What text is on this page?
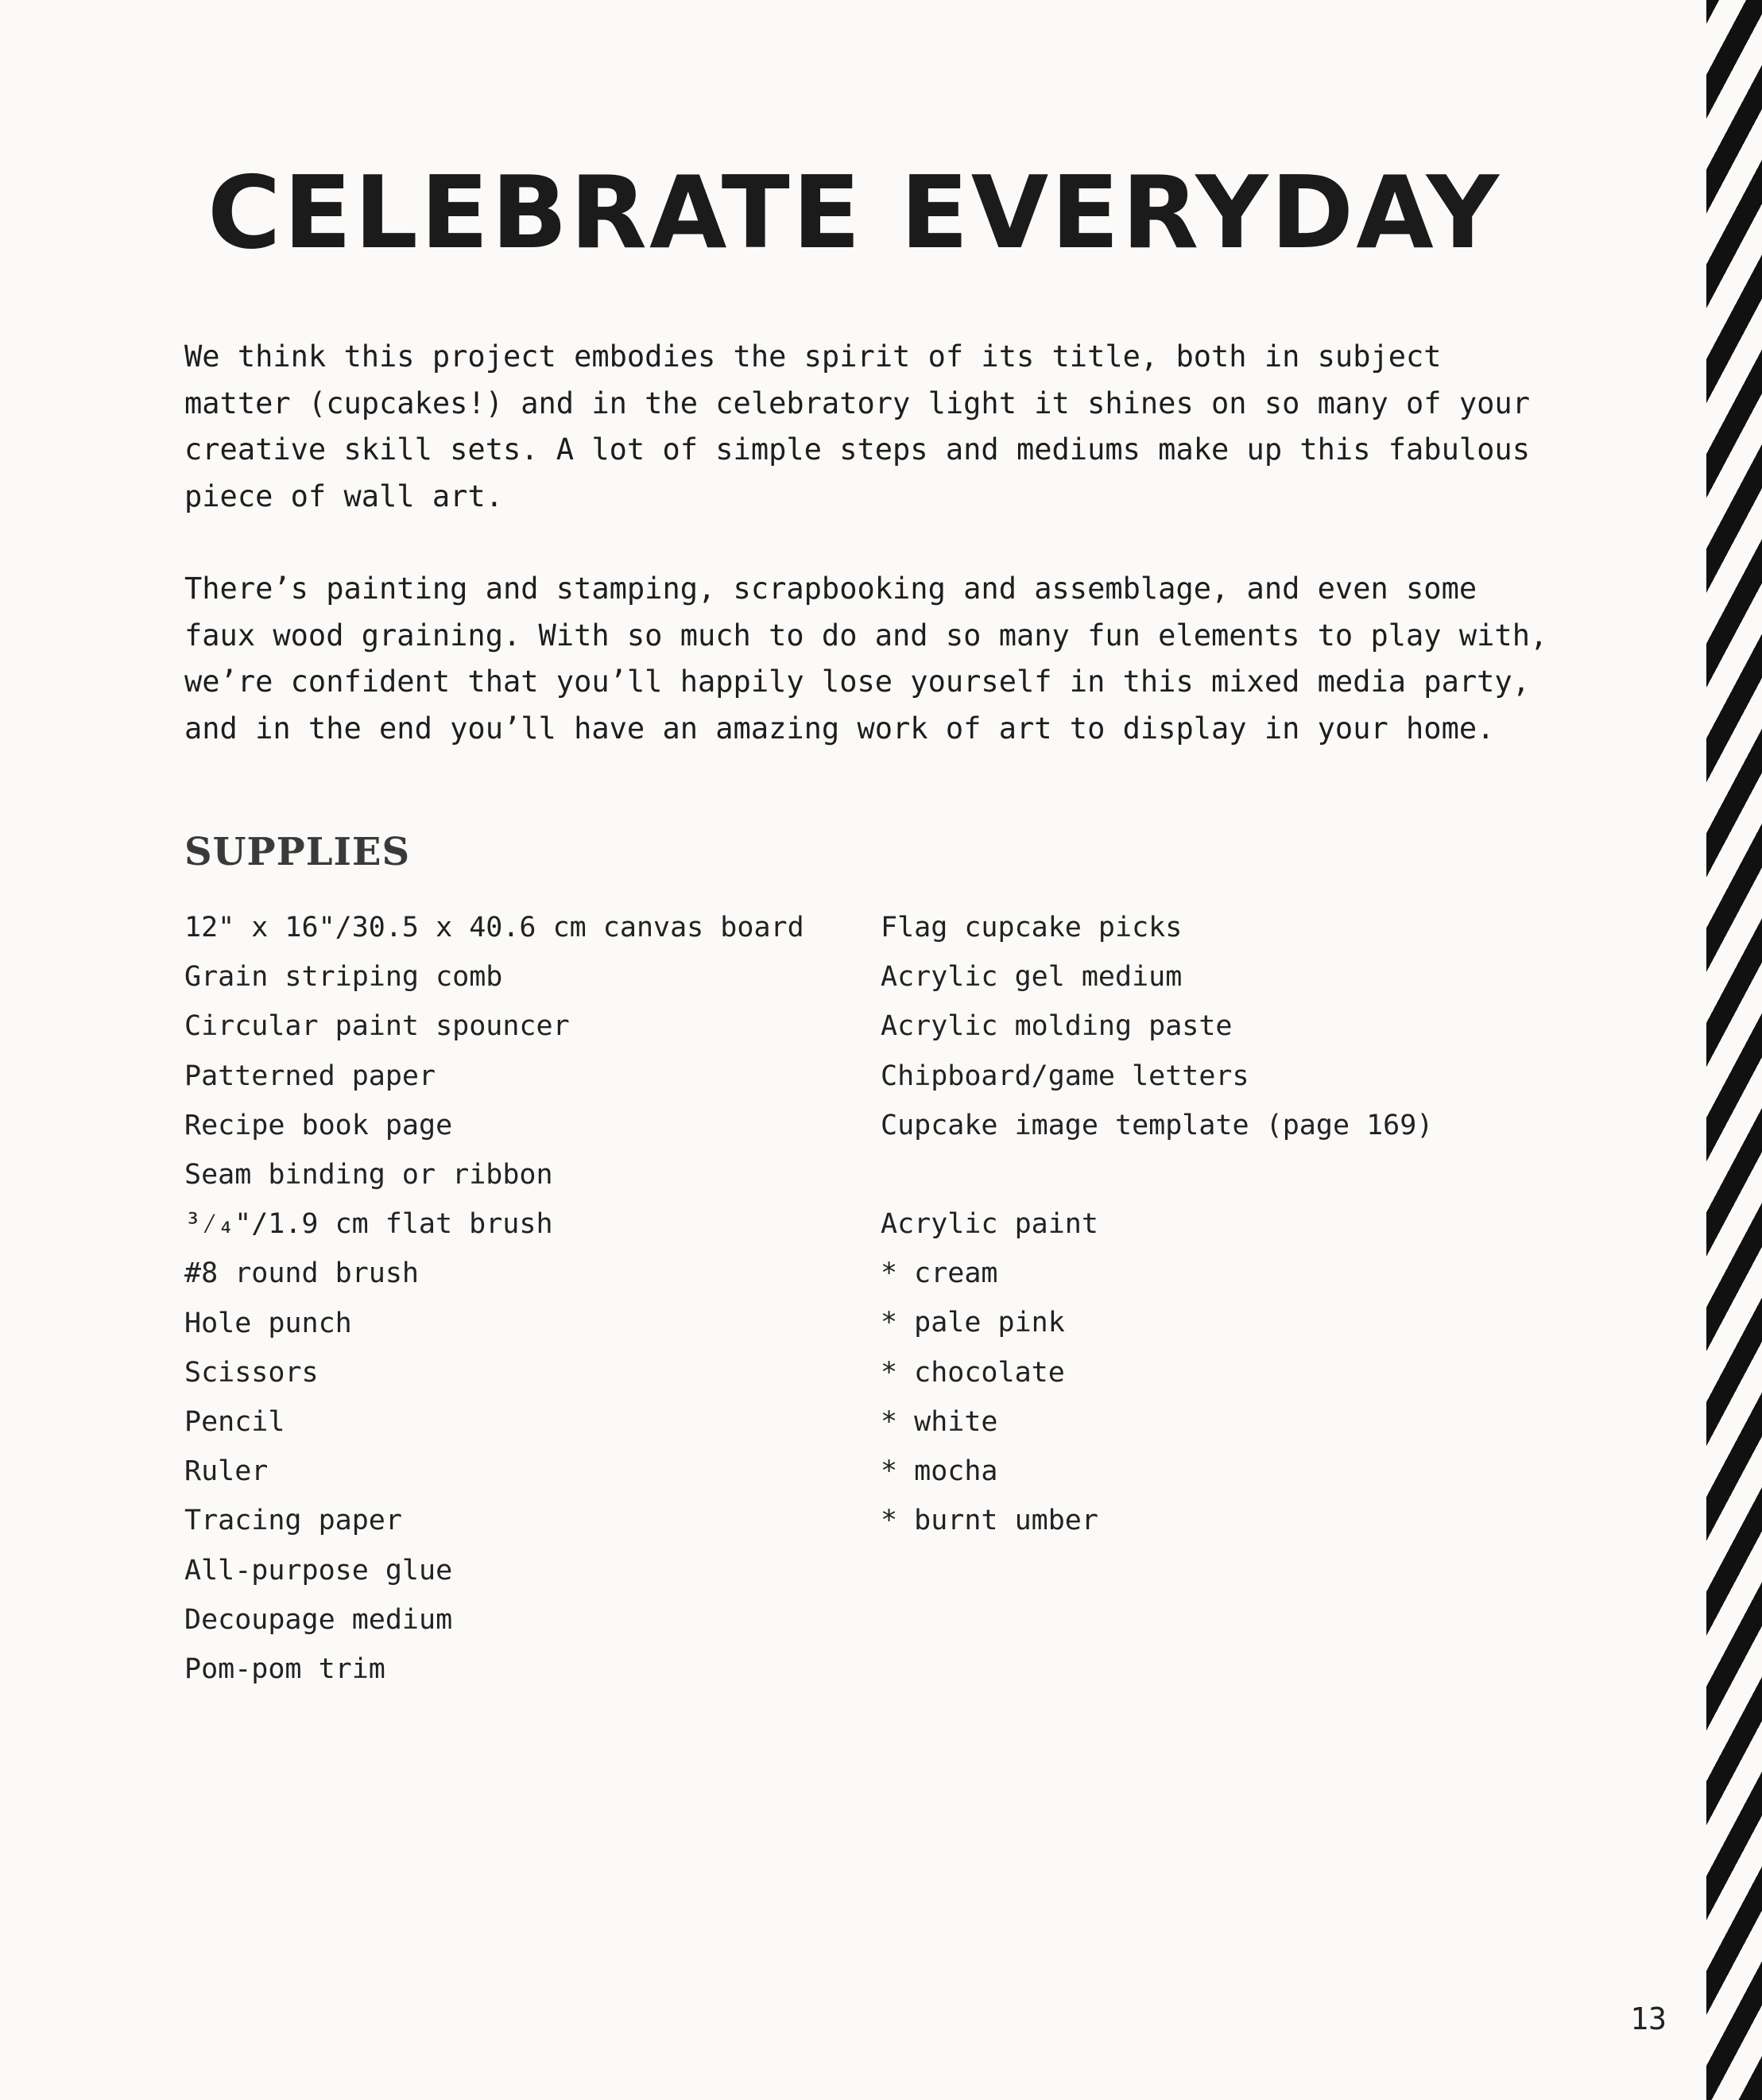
CELEBRATE EVERYDAY

We think this project embodies the spirit of its title, both in subject matter (cupcakes!) and in the celebratory light it shines on so many of your creative skill sets. A lot of simple steps and mediums make up this fabulous piece of wall art.

There’s painting and stamping, scrapbooking and assemblage, and even some faux wood graining. With so much to do and so many fun elements to play with, we’re confident that you’ll happily lose yourself in this mixed media party, and in the end you’ll have an amazing work of art to display in your home.

SUPPLIES
12" x 16"/30.5 x 40.6 cm canvas board
Grain striping comb
Circular paint spouncer
Patterned paper
Recipe book page
Seam binding or ribbon
³⁄₄"/1.9 cm flat brush
#8 round brush
Hole punch
Scissors
Pencil
Ruler
Tracing paper
All-purpose glue
Decoupage medium
Pom-pom trim
Flag cupcake picks
Acrylic gel medium
Acrylic molding paste
Chipboard/game letters
Cupcake image template (page 169)
Acrylic paint
* cream
* pale pink
* chocolate
* white
* mocha
* burnt umber
13
